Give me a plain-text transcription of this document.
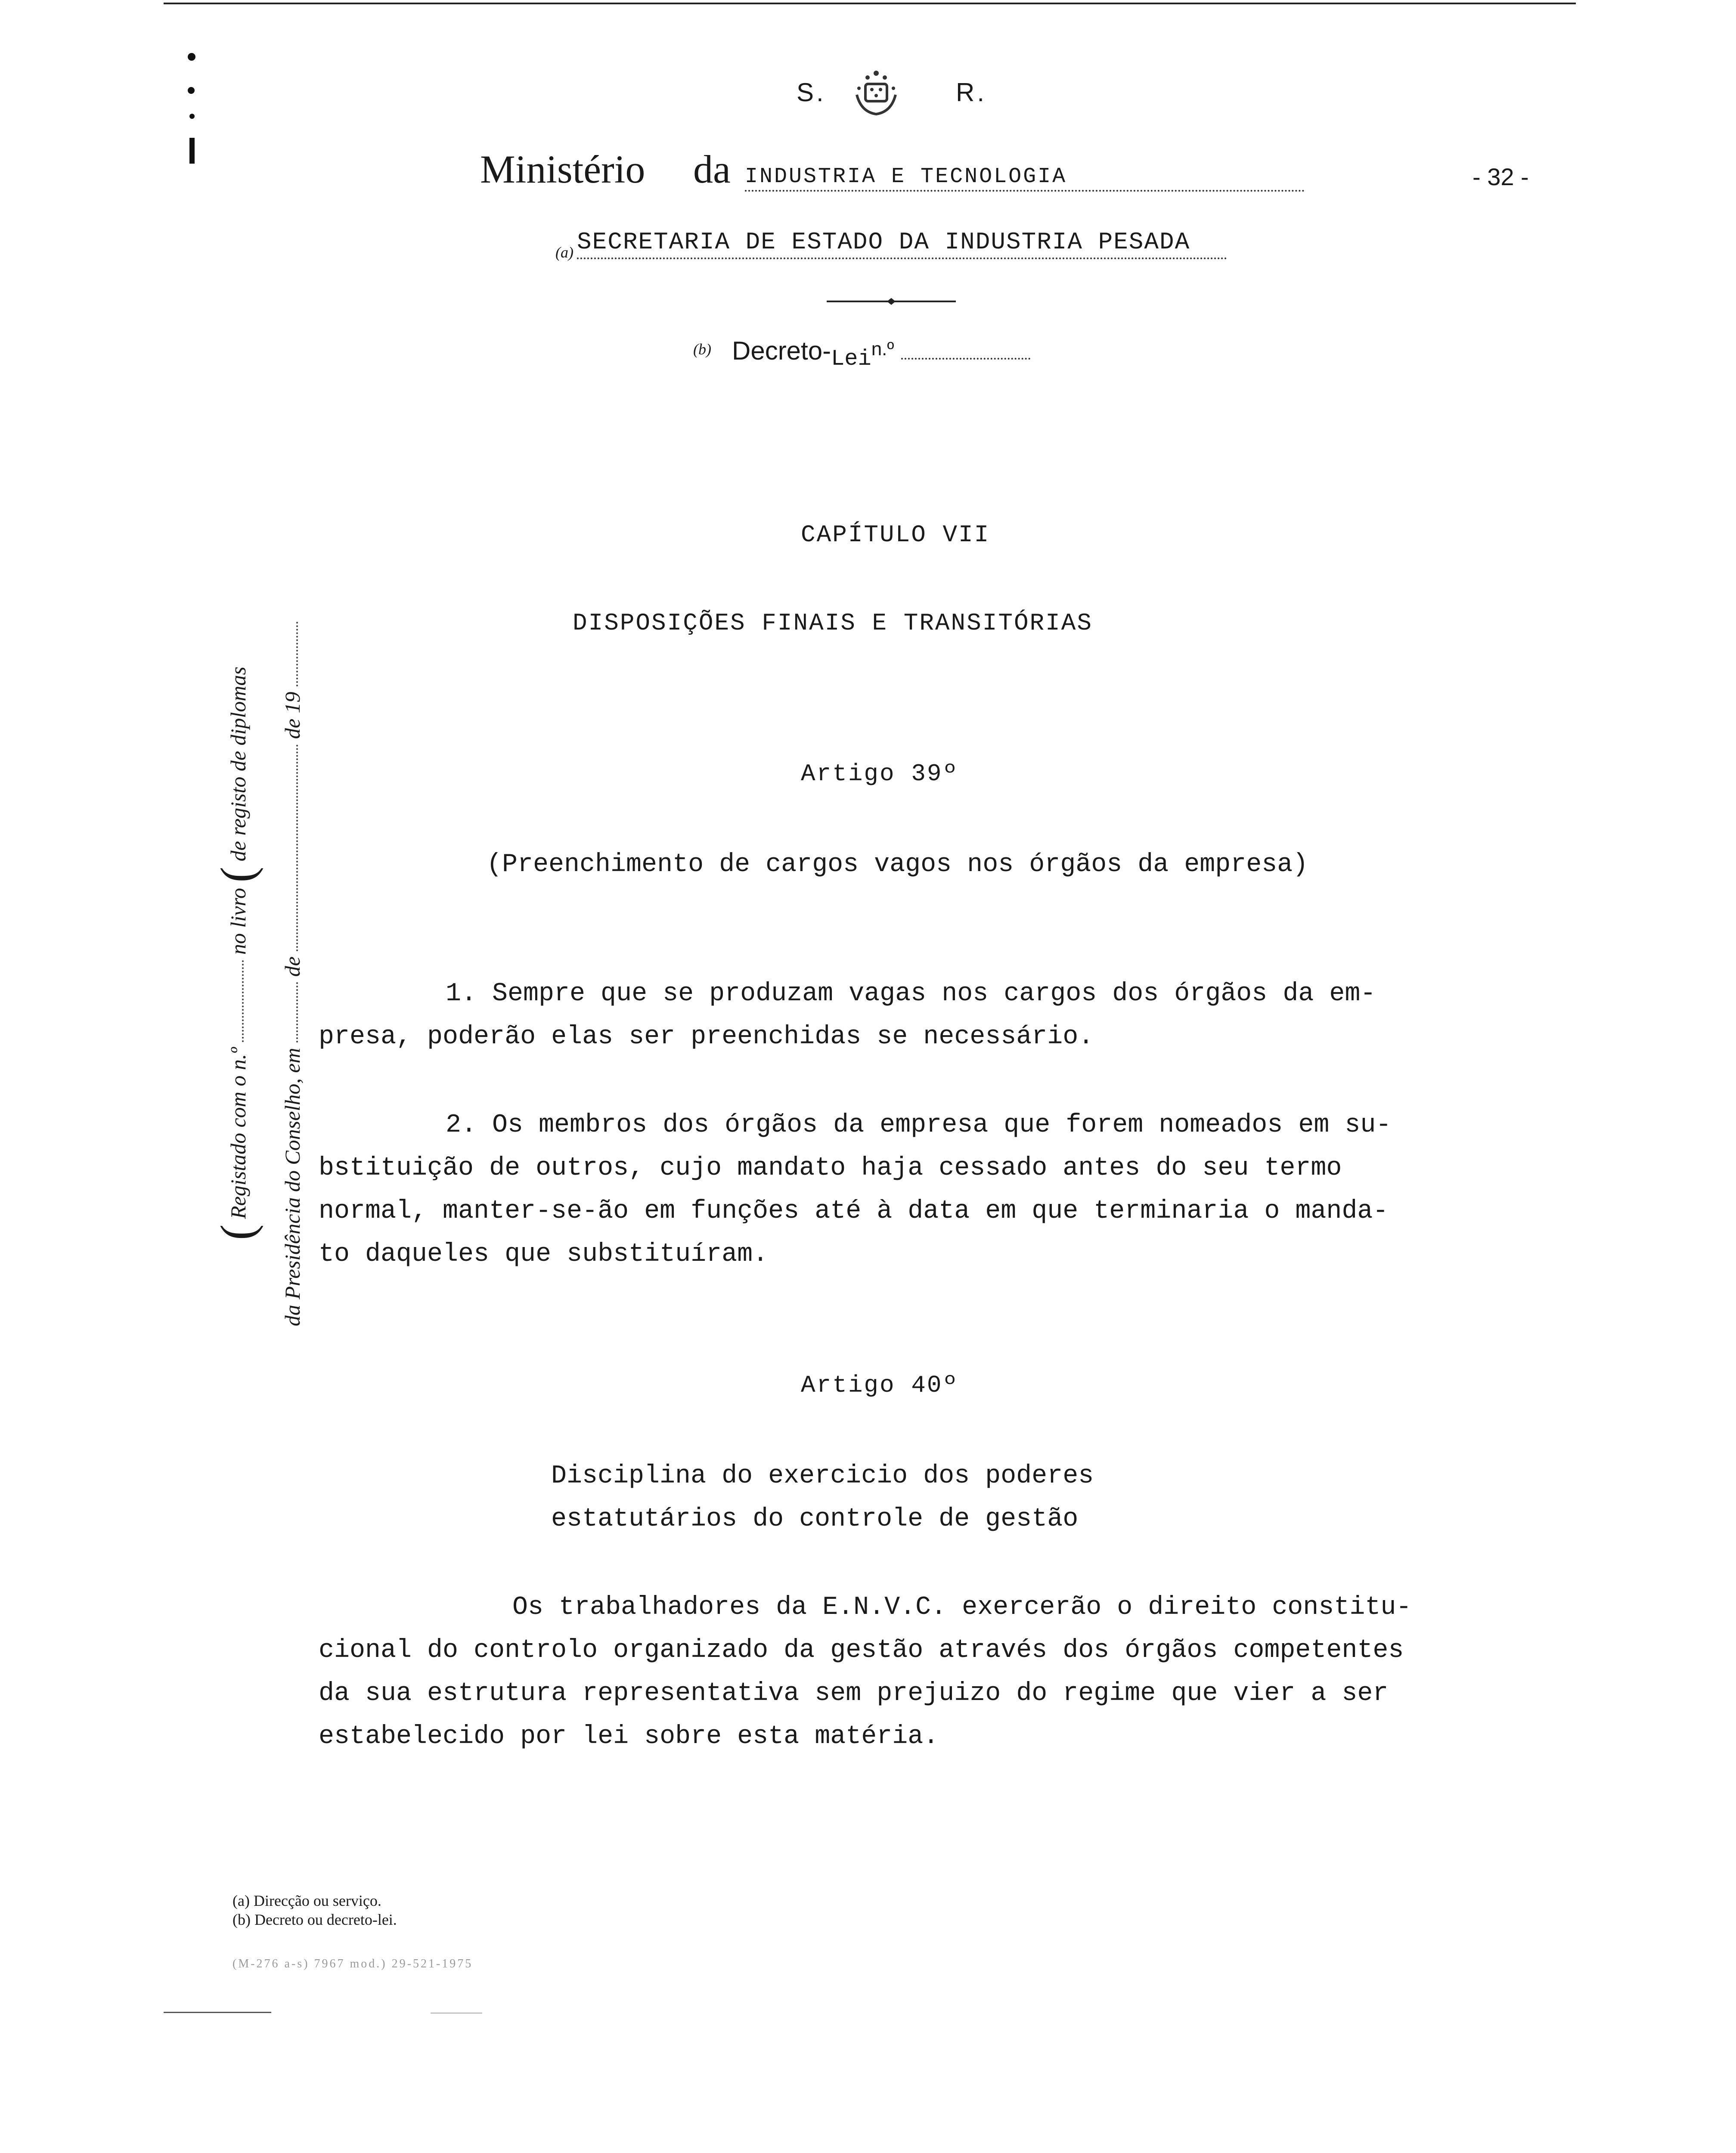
S.	R.
Ministério da INDUSTRIA E TECNOLOGIA	- 32 -
(a) SECRETARIA DE ESTADO DA INDUSTRIA PESADA
(b) Decreto-Lein.º
( Registado com o n.º  no livro ( de registo de diplomas
da Presidência do Conselho, em  de  de 19
CAPÍTULO VII
DISPOSIÇÕES FINAIS E TRANSITÓRIAS
Artigo 39º
(Preenchimento de cargos vagos nos órgãos da empresa)
1. Sempre que se produzam vagas nos cargos dos órgãos da em-
presa, poderão elas ser preenchidas se necessário.
2. Os membros dos órgãos da empresa que forem nomeados em su-
bstituição de outros, cujo mandato haja cessado antes do seu termo
normal, manter-se-ão em funções até à data em que terminaria o manda-
to daqueles que substituíram.
Artigo 40º
Disciplina do exercicio dos poderes
estatutários do controle de gestão
Os trabalhadores da E.N.V.C. exercerão o direito constitu-
cional do controlo organizado da gestão através dos órgãos competentes
da sua estrutura representativa sem prejuizo do regime que vier a ser
estabelecido por lei sobre esta matéria.
(a) Direcção ou serviço.
(b) Decreto ou decreto-lei.
(M-276 a-s) 7967 mod.) 29-521-1975
